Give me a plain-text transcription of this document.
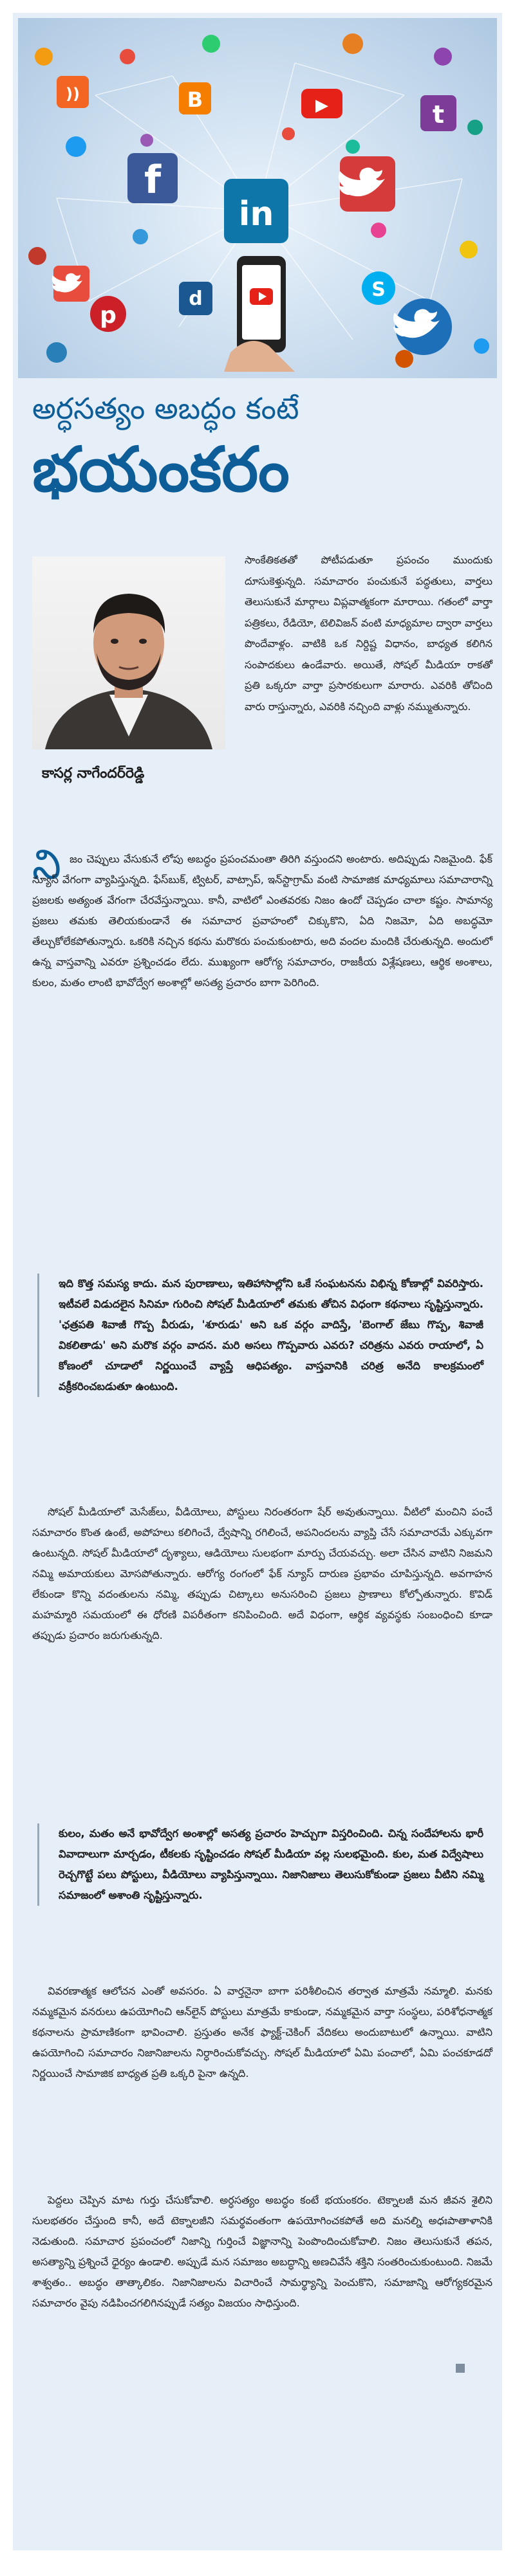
f
in
t
B	▶
p
))
d	S
అర్ధసత్యం అబద్ధం కంటే
భయంకరం
కాసర్ల నాగేందర్‌రెడ్డి

సాంకేతికతతో పోటీపడుతూ ప్రపంచం ముందుకు దూసుకెళ్తున్నది. సమాచారం పంచుకునే పద్ధతులు, వార్తలు తెలుసుకునే మార్గాలు విప్లవాత్మకంగా మారాయి. గతంలో వార్తా పత్రికలు, రేడియో, టెలివిజన్ వంటి మాధ్యమాల ద్వారా వార్తలు పొందేవాళ్లం. వాటికి ఒక నిర్దిష్ట విధానం, బాధ్యత కలిగిన సంపాదకులు ఉండేవారు. అయితే, సోషల్ మీడియా రాకతో ప్రతి ఒక్కరూ వార్తా ప్రసారకులుగా మారారు. ఎవరికి తోచింది వారు రాస్తున్నారు, ఎవరికి నచ్చింది వాళ్లు నమ్ముతున్నారు.

ని జం చెప్పులు వేసుకునే లోపు అబద్ధం ప్రపంచమంతా తిరిగి వస్తుందని అంటారు. అదిప్పుడు నిజమైంది. ఫేక్ న్యూస్ వేగంగా వ్యాపిస్తున్నది. ఫేస్‌బుక్, ట్విటర్, వాట్సాప్, ఇన్‌స్టాగ్రామ్ వంటి సామాజిక మాధ్యమాలు సమాచారాన్ని ప్రజలకు అత్యంత వేగంగా చేరవేస్తున్నాయి. కానీ, వాటిలో ఎంతవరకు నిజం ఉందో చెప్పడం చాలా కష్టం. సామాన్య ప్రజలు తమకు తెలియకుండానే ఈ సమాచార ప్రవాహంలో చిక్కుకొని, ఏది నిజమో, ఏది అబద్ధమో తేల్చుకోలేకపోతున్నారు. ఒకరికి నచ్చిన కథను మరొకరు పంచుకుంటారు, అది వందల మందికి చేరుతున్నది. అందులో ఉన్న వాస్తవాన్ని ఎవరూ ప్రశ్నించడం లేదు. ముఖ్యంగా ఆరోగ్య సమాచారం, రాజకీయ విశ్లేషణలు, ఆర్థిక అంశాలు, కులం, మతం లాంటి భావోద్వేగ అంశాల్లో అసత్య ప్రచారం బాగా పెరిగింది.

ఇది కొత్త సమస్య కాదు. మన పురాణాలు, ఇతిహాసాల్లోని ఒకే సంఘటనను విభిన్న కోణాల్లో వివరిస్తారు. ఇటీవలే విడుదలైన సినిమా గురించి సోషల్ మీడియాలో తమకు తోచిన విధంగా కథనాలు సృష్టిస్తున్నారు. 'ఛత్రపతి శివాజీ గొప్ప వీరుడు, 'శూరుడు' అని ఒక వర్గం వాదిస్తే, 'బెంగాల్ జేబు గొప్ప, శివాజీ వికలితాడు' అని మరొక వర్గం వాదన. మరి అసలు గొప్పవారు ఎవరు? చరిత్రను ఎవరు రాయాలో, ఏ కోణంలో చూడాలో నిర్ణయించే వ్యాప్తే ఆధిపత్యం. వాస్తవానికి చరిత్ర అనేది కాలక్రమంలో వక్రీకరించబడుతూ ఉంటుంది.

సోషల్ మీడియాలో మెసేజ్‌లు, వీడియోలు, పోస్టులు నిరంతరంగా షేర్ అవుతున్నాయి. వీటిలో మంచిని పంచే సమాచారం కొంత ఉంటే, అపోహలు కలిగించే, ద్వేషాన్ని రగిలించే, అపనిందలను వ్యాప్తి చేసే సమాచారమే ఎక్కువగా ఉంటున్నది. సోషల్ మీడియాలో దృశ్యాలు, ఆడియోలు సులభంగా మార్పు చేయవచ్చు. అలా చేసిన వాటిని నిజమని నమ్మి అమాయకులు మోసపోతున్నారు. ఆరోగ్య రంగంలో ఫేక్ న్యూస్ దారుణ ప్రభావం చూపిస్తున్నది. అవగాహన లేకుండా కొన్ని వదంతులను నమ్మి, తప్పుడు చిట్కాలు అనుసరించి ప్రజలు ప్రాణాలు కోల్పోతున్నారు. కొవిడ్ మహమ్మారి సమయంలో ఈ ధోరణి విపరీతంగా కనిపించింది. అదే విధంగా, ఆర్థిక వ్యవస్థకు సంబంధించి కూడా తప్పుడు ప్రచారం జరుగుతున్నది.

కులం, మతం అనే భావోద్వేగ అంశాల్లో అసత్య ప్రచారం హెచ్చుగా విస్తరించింది. చిన్న సందేహాలను భారీ వివాదాలుగా మార్చడం, టీకలకు సృష్టించడం సోషల్ మీడియా వల్ల సులభమైంది. కుల, మత విద్వేషాలు రెచ్చగొట్టే పలు పోస్టులు, వీడియోలు వ్యాపిస్తున్నాయి. నిజానిజాలు తెలుసుకోకుండా ప్రజలు వీటిని నమ్మి సమాజంలో అశాంతి సృష్టిస్తున్నారు.

వివరణాత్మక ఆలోచన ఎంతో అవసరం. ఏ వార్తనైనా బాగా పరిశీలించిన తర్వాత మాత్రమే నమ్మాలి. మనకు నమ్మకమైన వనరులు ఉపయోగించి ఆన్‌లైన్ పోస్టులు మాత్రమే కాకుండా, నమ్మకమైన వార్తా సంస్థలు, పరిశోధనాత్మక కథనాలను ప్రామాణికంగా భావించాలి. ప్రస్తుతం అనేక ఫ్యాక్ట్-చెకింగ్ వేదికలు అందుబాటులో ఉన్నాయి. వాటిని ఉపయోగించి సమాచారం నిజానిజాలను నిర్ధారించుకోవచ్చు. సోషల్ మీడియాలో ఏమి పంచాలో, ఏమి పంచకూడదో నిర్ణయించే సామాజిక బాధ్యత ప్రతి ఒక్కరి పైనా ఉన్నది.

పెద్దలు చెప్పిన మాట గుర్తు చేసుకోవాలి. అర్ధసత్యం అబద్ధం కంటే భయంకరం. టెక్నాలజీ మన జీవన శైలిని సులభతరం చేస్తుంది కానీ, అదే టెక్నాలజీని సమర్థవంతంగా ఉపయోగించకపోతే అది మనల్ని అధఃపాతాళానికి నెడుతుంది. సమాచార ప్రపంచంలో నిజాన్ని గుర్తించే విజ్ఞానాన్ని పెంపొందించుకోవాలి. నిజం తెలుసుకునే తపన, అసత్యాన్ని ప్రశ్నించే ధైర్యం ఉండాలి. అప్పుడే మన సమాజం అబద్ధాన్ని అణచివేసే శక్తిని సంతరించుకుంటుంది. నిజమే శాశ్వతం.. అబద్ధం తాత్కాలికం. నిజానిజాలను విచారించే సామర్థ్యాన్ని పెంచుకొని, సమాజాన్ని ఆరోగ్యకరమైన సమాచారం వైపు నడిపించగలిగినప్పుడే సత్యం విజయం సాధిస్తుంది.
